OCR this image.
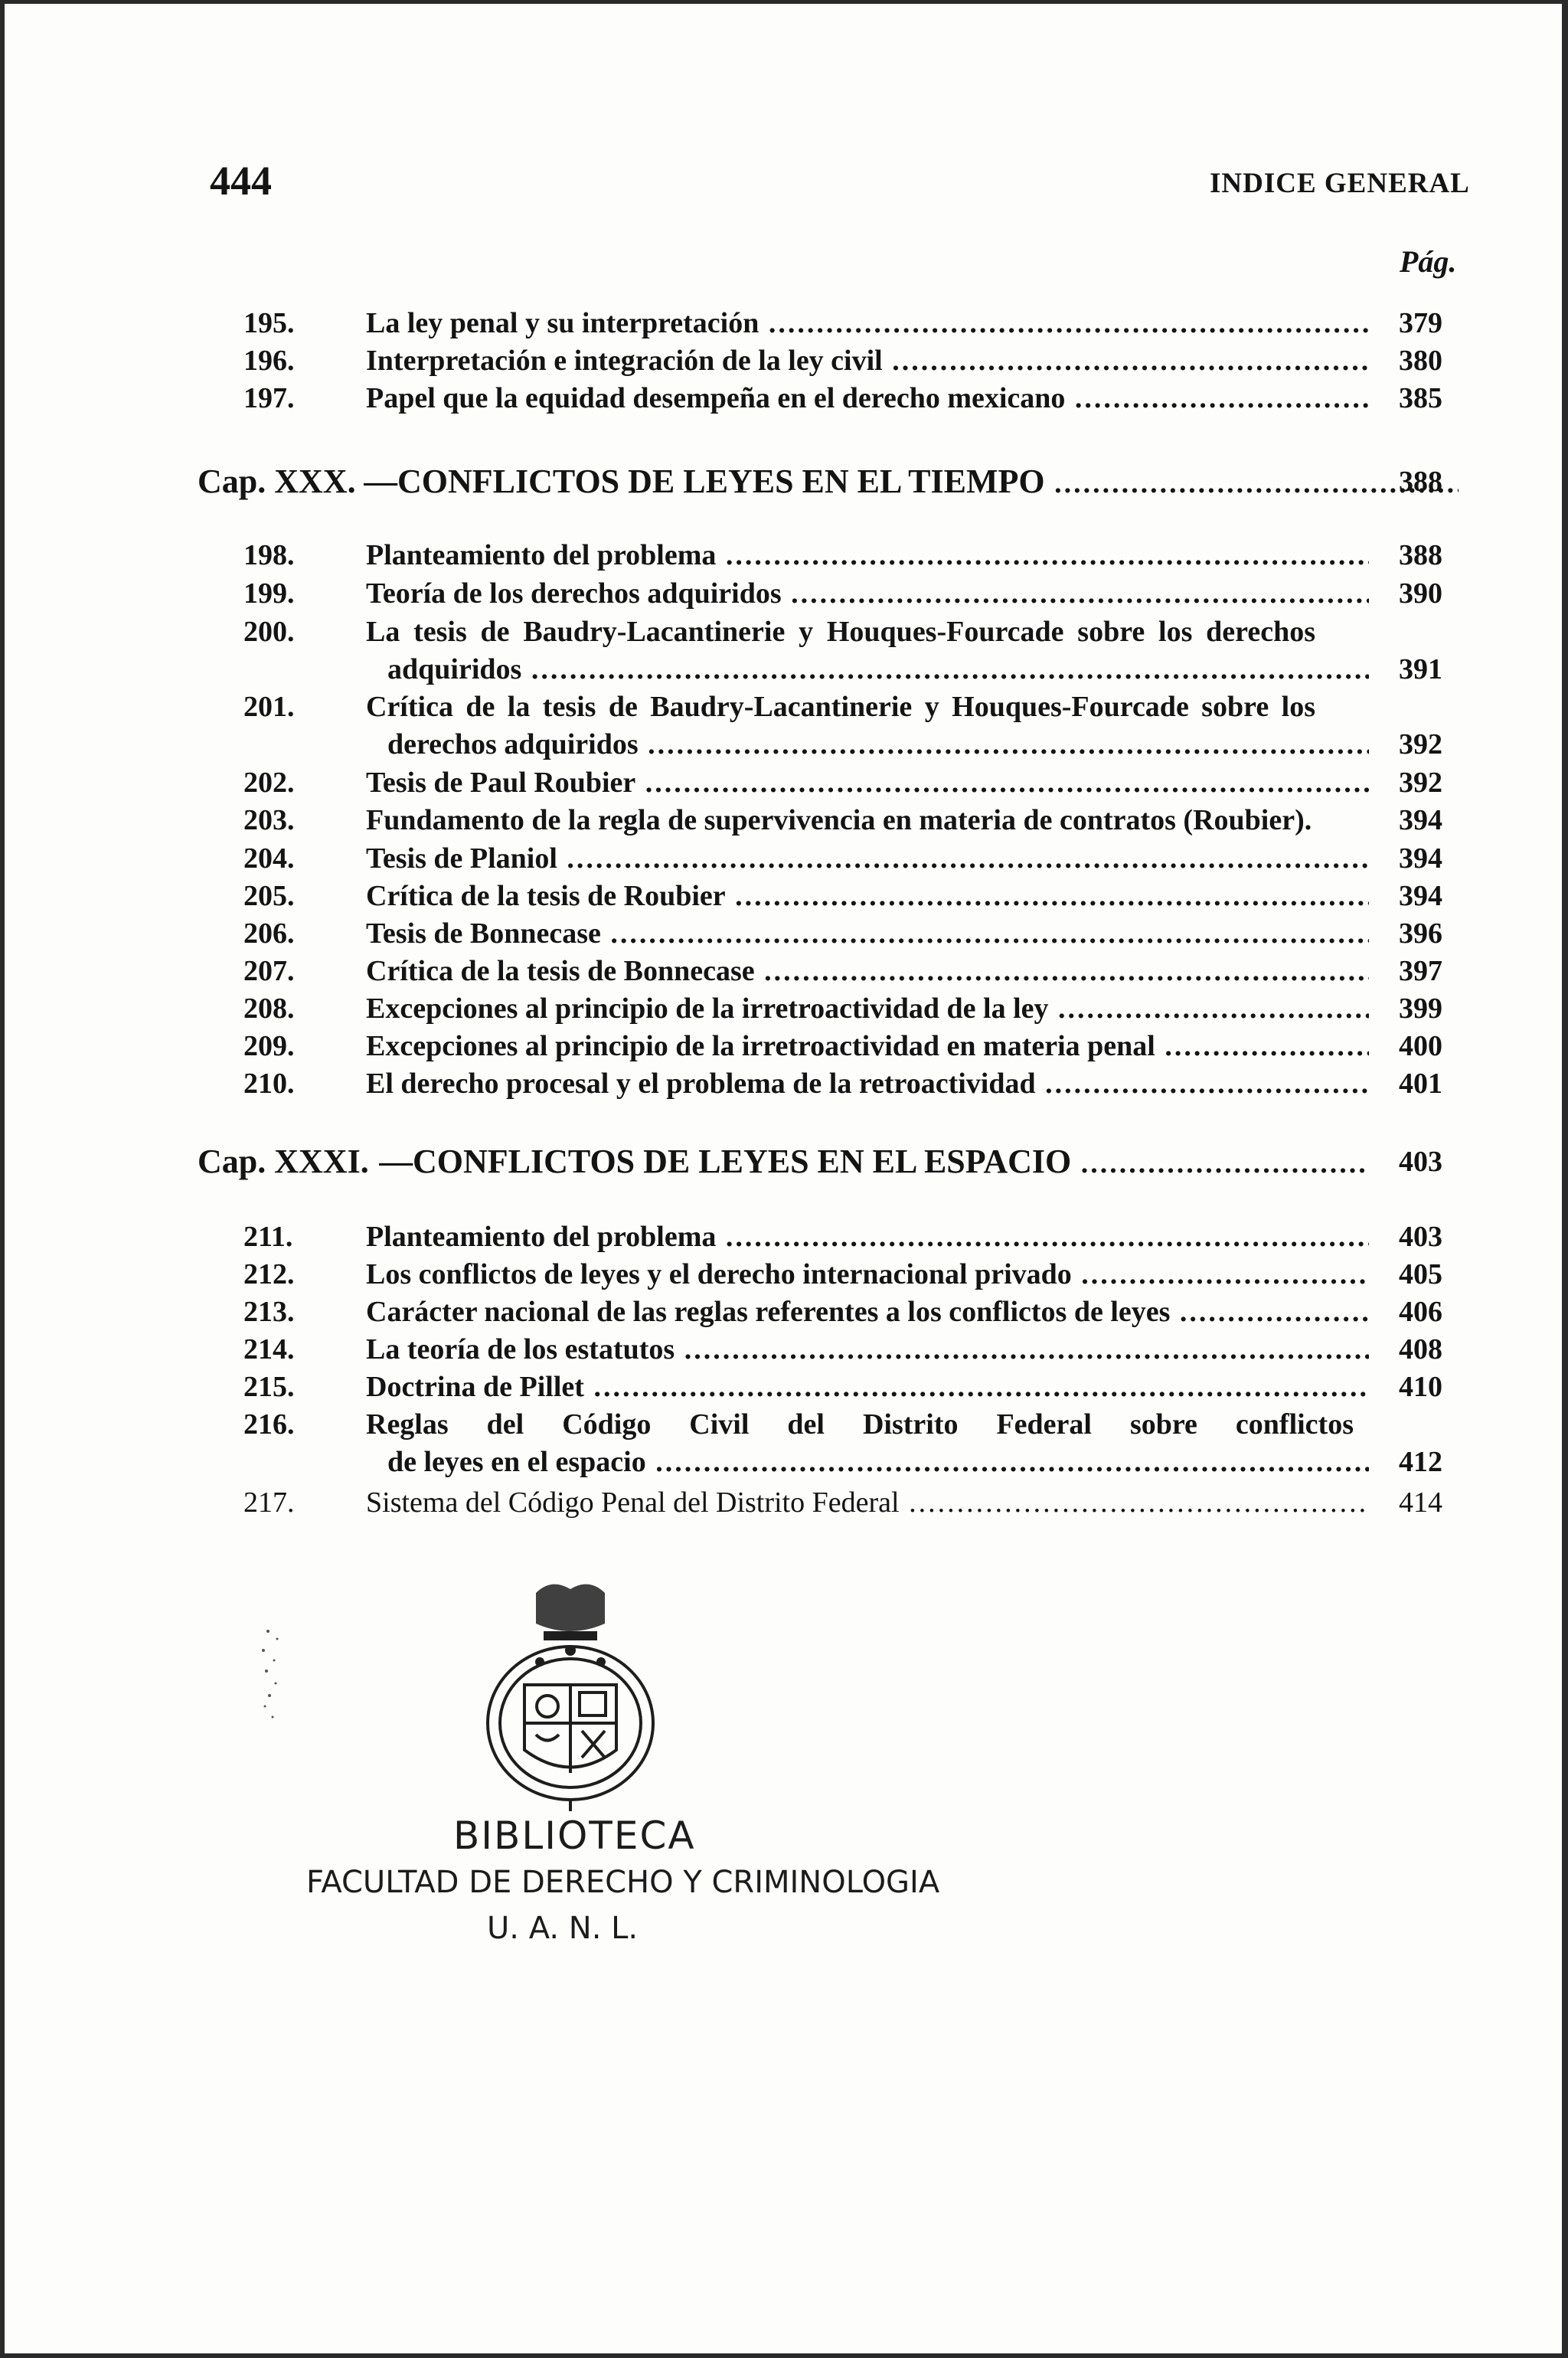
444	INDICE GENERAL
Pág.
195. La ley penal y su interpretación .....	379
196. Interpretación e integración de la ley civil .....	380
197. Papel que la equidad desempeña en el derecho mexicano .....	385
Cap. XXX. —CONFLICTOS DE LEYES EN EL TIEMPO .....	388
198. Planteamiento del problema .....	388
199. Teoría de los derechos adquiridos .....	390
200. La tesis de Baudry-Lacantinerie y Houques-Fourcade sobre los derechos
adquiridos .....	391
201. Crítica de la tesis de Baudry-Lacantinerie y Houques-Fourcade sobre los
derechos adquiridos .....	392
202. Tesis de Paul Roubier .....	392
203. Fundamento de la regla de supervivencia en materia de contratos (Roubier).	394
204. Tesis de Planiol .....	394
205. Crítica de la tesis de Roubier .....	394
206. Tesis de Bonnecase .....	396
207. Crítica de la tesis de Bonnecase .....	397
208. Excepciones al principio de la irretroactividad de la ley .....	399
209. Excepciones al principio de la irretroactividad en materia penal .....	400
210. El derecho procesal y el problema de la retroactividad .....	401
Cap. XXXI. —CONFLICTOS DE LEYES EN EL ESPACIO .....	403
211.	Planteamiento del problema .....	403
212. Los conflictos de leyes y el derecho internacional privado .....	405
213. Carácter nacional de las reglas referentes a los conflictos de leyes .....	406
214. La teoría de los estatutos .....	408
215. Doctrina de Pillet .....	410
216. Reglas del Código Civil del Distrito Federal sobre conflictos
de leyes en el espacio .....	412
217. Sistema del Código Penal del Distrito Federal .....	414
BIBLIOTECA
FACULTAD DE DERECHO Y CRIMINOLOGIA
U. A. N. L.
